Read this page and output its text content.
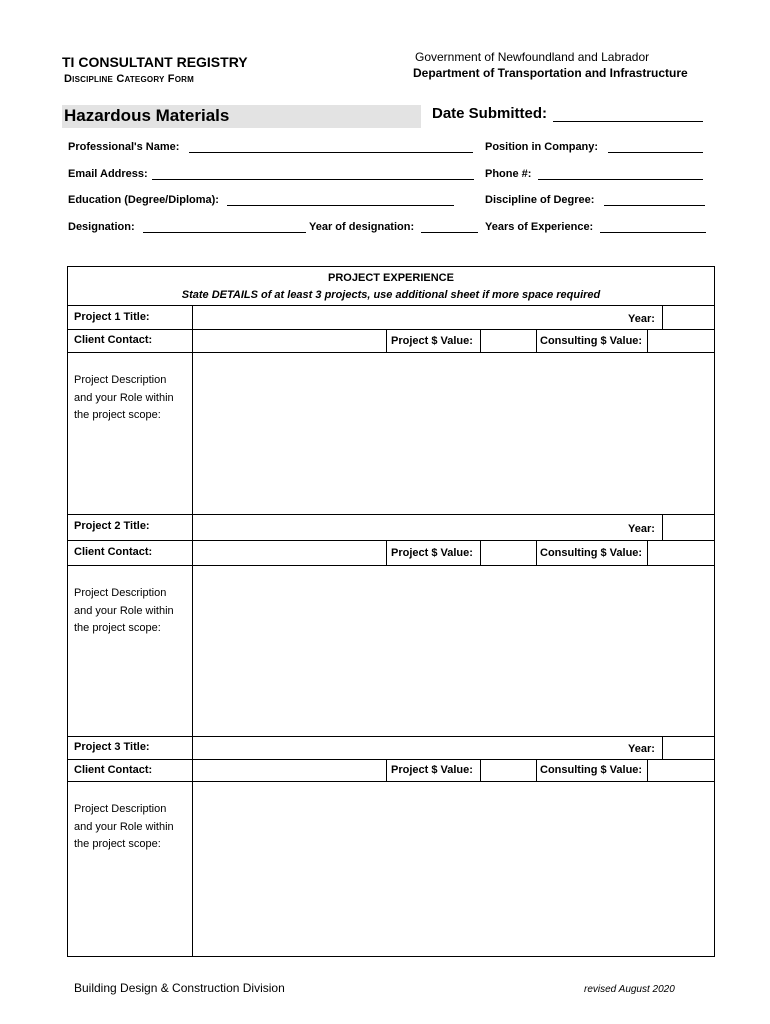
TI CONSULTANT REGISTRY
Discipline Category Form
Government of Newfoundland and Labrador
Department of Transportation and Infrastructure
Hazardous Materials	Date Submitted:
Professional's Name:	Position in Company:
Email Address:	Phone #:
Education (Degree/Diploma):	Discipline of Degree:
Designation:	Year of designation:	Years of Experience:
PROJECT EXPERIENCE
State DETAILS of at least 3 projects, use additional sheet if more space required
Project 1 Title:	Year:
Client Contact:	Project $ Value:	Consulting $ Value:
Project Description and your Role within the project scope:
Project 2 Title:	Year:
Client Contact:	Project $ Value:	Consulting $ Value:
Project Description and your Role within the project scope:
Project 3 Title:	Year:
Client Contact:	Project $ Value:	Consulting $ Value:
Project Description and your Role within the project scope:
Building Design & Construction Division	revised August 2020
